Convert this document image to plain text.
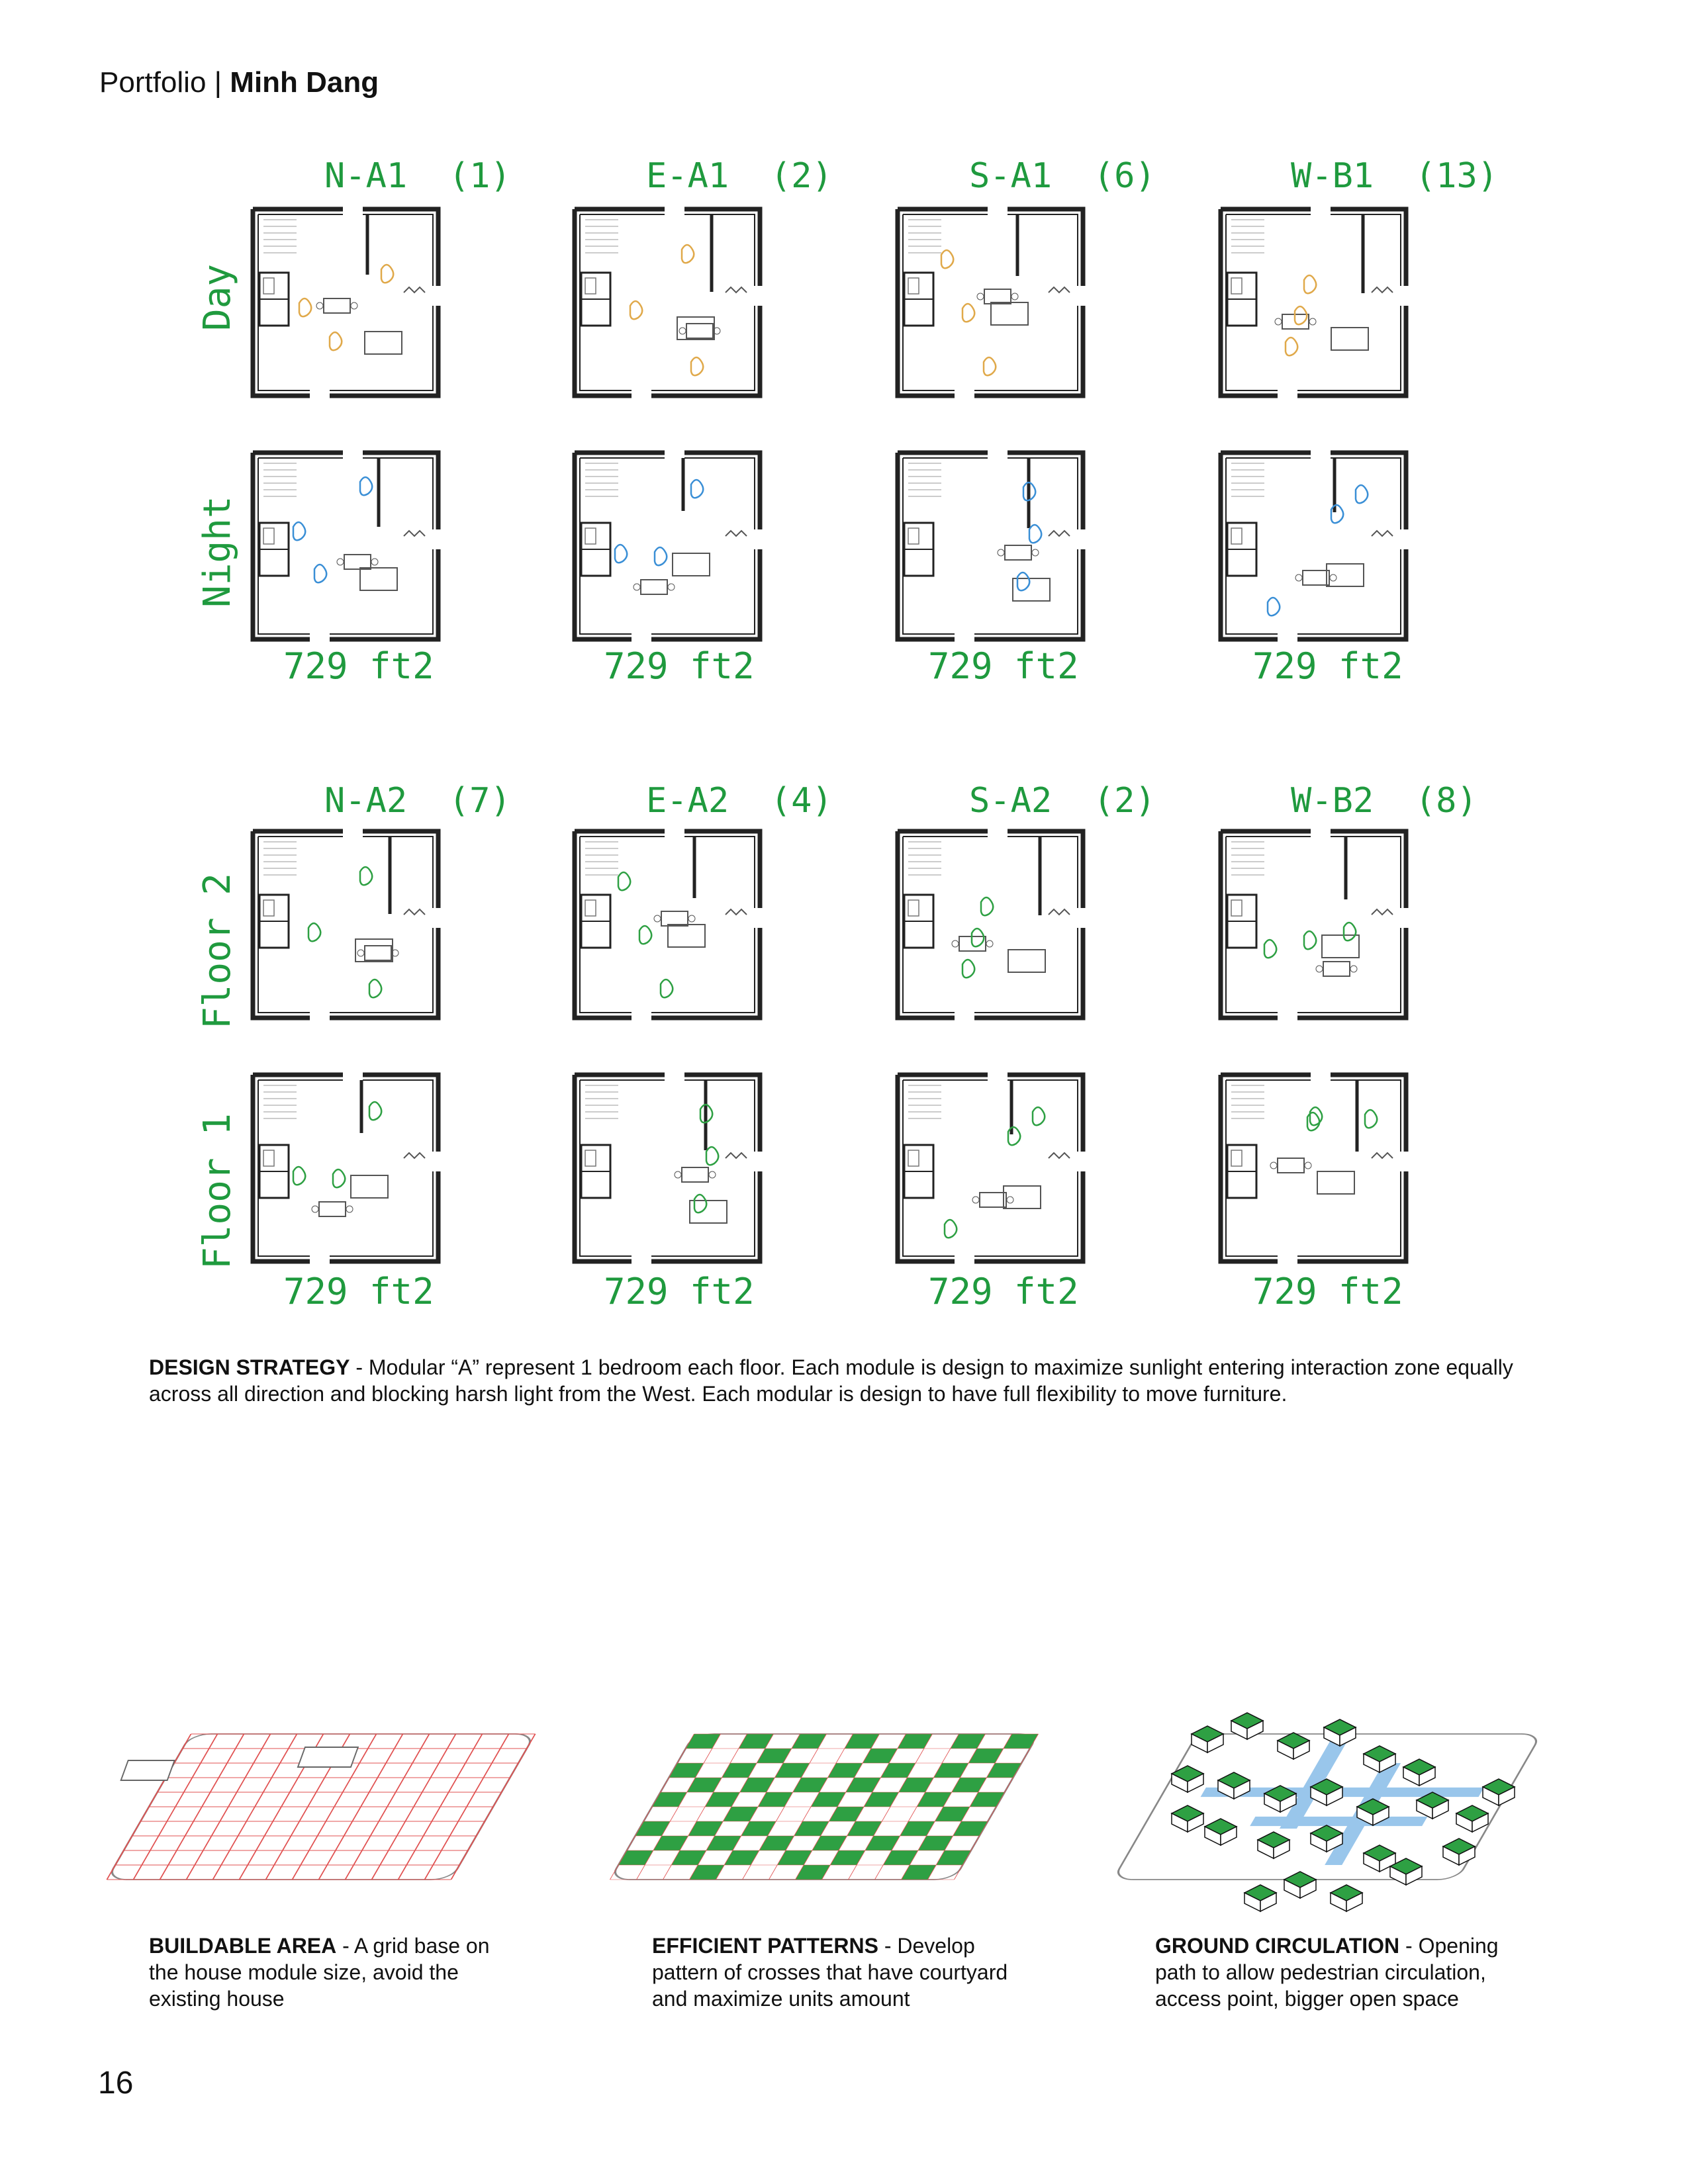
Portfolio | Minh Dang
N-A1  (1)	E-A1  (2)	S-A1  (6)	W-B1  (13)
Day
Night
729 ft2	729 ft2	729 ft2	729 ft2
N-A2  (7)	E-A2  (4)	S-A2  (2)	W-B2  (8)
Floor 2
Floor 1
729 ft2	729 ft2	729 ft2	729 ft2
DESIGN STRATEGY - Modular “A” represent 1 bedroom each floor. Each module is design to maximize sunlight entering interaction zone equally across all direction and blocking harsh light from the West. Each modular is design to have full flexibility to move furniture.
BUILDABLE AREA - A grid base on the house module size, avoid the existing house
EFFICIENT PATTERNS - Develop pattern of crosses that have courtyard and maximize units amount
GROUND CIRCULATION - Opening path to allow pedestrian circulation, access point, bigger open space
16
